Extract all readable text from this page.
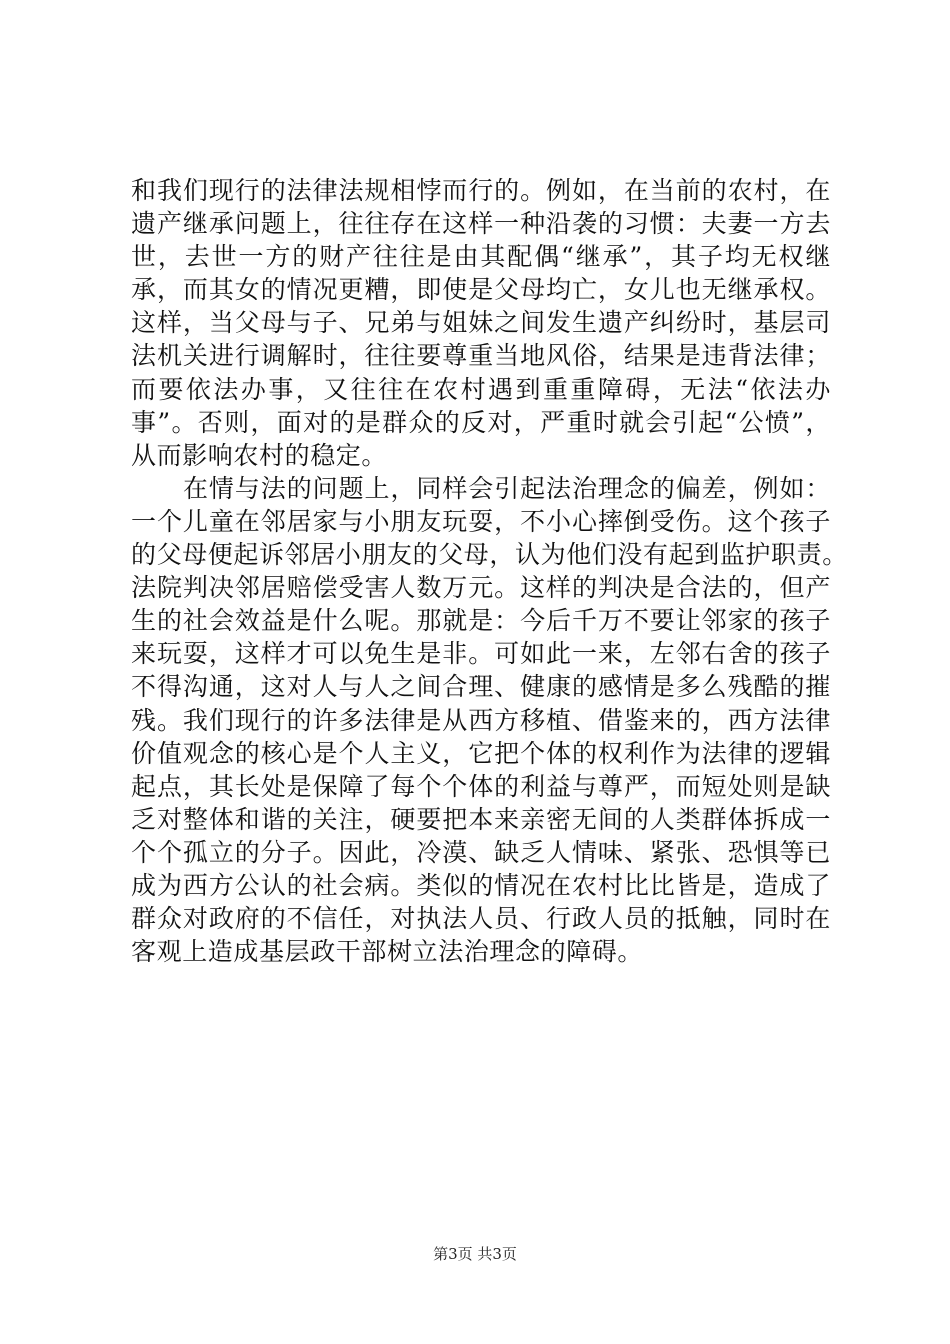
和我们现行的法律法规相悖而行的。例如，在当前的农村，在
遗产继承问题上，往往存在这样一种沿袭的习惯：夫妻一方去
世，去世一方的财产往往是由其配偶“继承”，其子均无权继
承，而其女的情况更糟，即使是父母均亡，女儿也无继承权。
这样，当父母与子、兄弟与姐妹之间发生遗产纠纷时，基层司
法机关进行调解时，往往要尊重当地风俗，结果是违背法律；
而要依法办事，又往往在农村遇到重重障碍，无法“依法办
事”。否则，面对的是群众的反对，严重时就会引起“公愤”，
从而影响农村的稳定。
在情与法的问题上，同样会引起法治理念的偏差，例如：
一个儿童在邻居家与小朋友玩耍，不小心摔倒受伤。这个孩子
的父母便起诉邻居小朋友的父母，认为他们没有起到监护职责。
法院判决邻居赔偿受害人数万元。这样的判决是合法的，但产
生的社会效益是什么呢。那就是：今后千万不要让邻家的孩子
来玩耍，这样才可以免生是非。可如此一来，左邻右舍的孩子
不得沟通，这对人与人之间合理、健康的感情是多么残酷的摧
残。我们现行的许多法律是从西方移植、借鉴来的，西方法律
价值观念的核心是个人主义，它把个体的权利作为法律的逻辑
起点，其长处是保障了每个个体的利益与尊严，而短处则是缺
乏对整体和谐的关注，硬要把本来亲密无间的人类群体拆成一
个个孤立的分子。因此，冷漠、缺乏人情味、紧张、恐惧等已
成为西方公认的社会病。类似的情况在农村比比皆是，造成了
群众对政府的不信任，对执法人员、行政人员的抵触，同时在
客观上造成基层政干部树立法治理念的障碍。
第3页 共3页
